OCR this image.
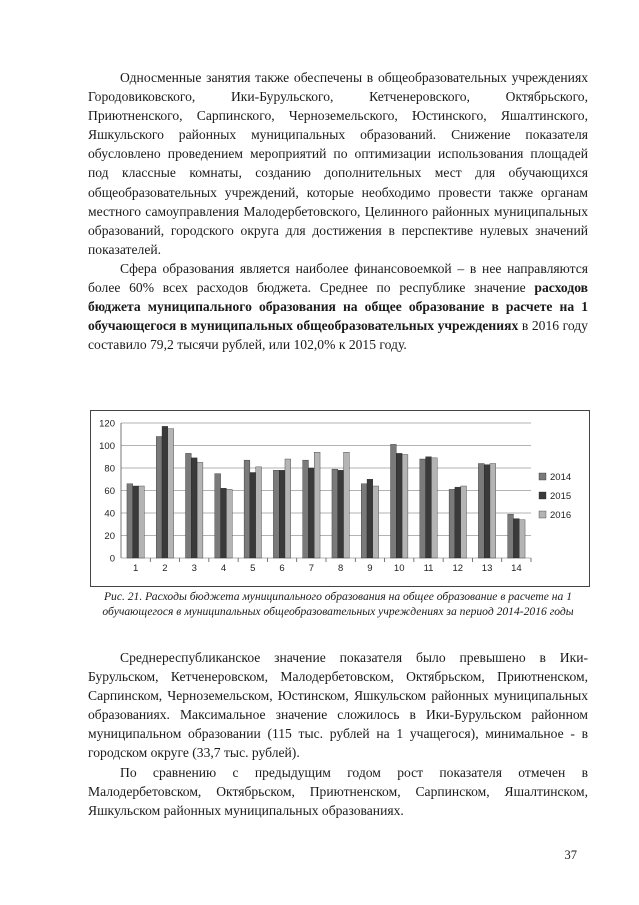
Односменные занятия также обеспечены в общеобразовательных учреждениях Городовиковского, Ики-Бурульского, Кетченеровского, Октябрьского, Приютненского, Сарпинского, Черноземельского, Юстинского, Яшалтинского, Яшкульского районных муниципальных образований. Снижение показателя обусловлено проведением мероприятий по оптимизации использования площадей под классные комнаты, созданию дополнительных мест для обучающихся общеобразовательных учреждений, которые необходимо провести также органам местного самоуправления Малодербетовского, Целинного районных муниципальных образований, городского округа для достижения в перспективе нулевых значений показателей.

Сфера образования является наиболее финансовоемкой – в нее направляются более 60% всех расходов бюджета. Среднее по республике значение расходов бюджета муниципального образования на общее образование в расчете на 1 обучающегося в муниципальных общеобразовательных учреждениях в 2016 году составило 79,2 тысячи рублей, или 102,0% к 2015 году.

0
20
40
60
80
100
120
1	2	3	4	5	6	7	8	9 10 11 12 13 14
2014
2015
2016
Рис. 21. Расходы бюджета муниципального образования на общее образование в расчете на 1 обучающегося в муниципальных общеобразовательных учреждениях за период 2014-2016 годы

Среднереспубликанское значение показателя было превышено в Ики-Бурульском, Кетченеровском, Малодербетовском, Октябрьском, Приютненском, Сарпинском, Черноземельском, Юстинском, Яшкульском районных муниципальных образованиях. Максимальное значение сложилось в Ики-Бурульском районном муниципальном образовании (115 тыс. рублей на 1 учащегося), минимальное - в городском округе (33,7 тыс. рублей).

По сравнению с предыдущим годом рост показателя отмечен в Малодербетовском, Октябрьском, Приютненском, Сарпинском, Яшалтинском, Яшкульском районных муниципальных образованиях.

37
